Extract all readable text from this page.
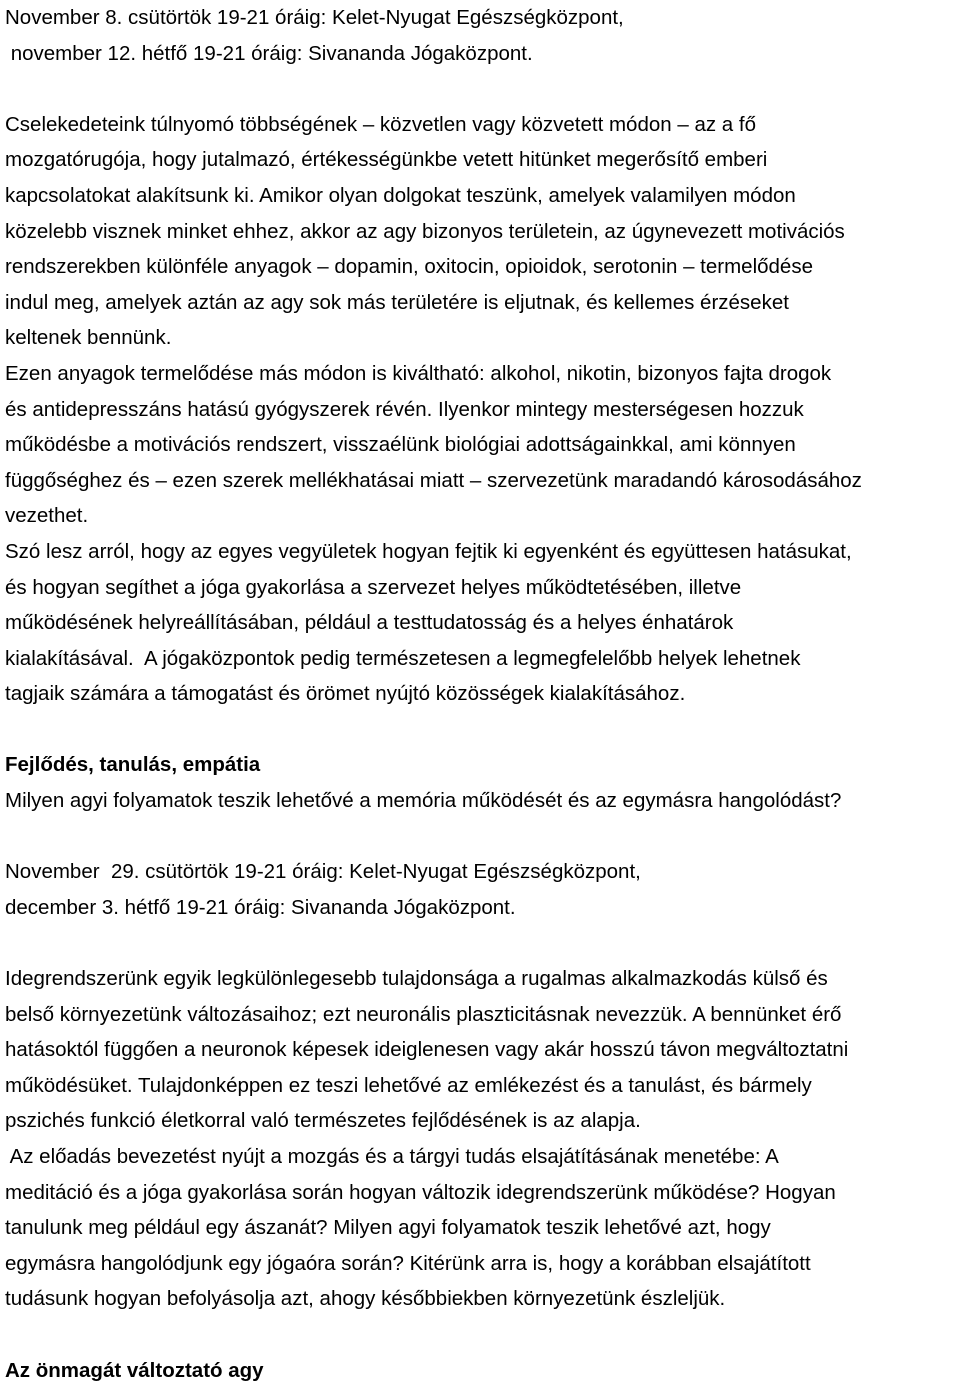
November 8. csütörtök 19-21 óráig: Kelet-Nyugat Egészségközpont,
november 12. hétfő 19-21 óráig: Sivananda Jógaközpont.
Cselekedeteink túlnyomó többségének – közvetlen vagy közvetett módon – az a fő
mozgatórugója, hogy jutalmazó, értékességünkbe vetett hitünket megerősítő emberi
kapcsolatokat alakítsunk ki. Amikor olyan dolgokat teszünk, amelyek valamilyen módon
közelebb visznek minket ehhez, akkor az agy bizonyos területein, az úgynevezett motivációs
rendszerekben különféle anyagok – dopamin, oxitocin, opioidok, serotonin – termelődése
indul meg, amelyek aztán az agy sok más területére is eljutnak, és kellemes érzéseket
keltenek bennünk.
Ezen anyagok termelődése más módon is kiváltható: alkohol, nikotin, bizonyos fajta drogok
és antidepresszáns hatású gyógyszerek révén. Ilyenkor mintegy mesterségesen hozzuk
működésbe a motivációs rendszert, visszaélünk biológiai adottságainkkal, ami könnyen
függőséghez és – ezen szerek mellékhatásai miatt – szervezetünk maradandó károsodásához
vezethet.
Szó lesz arról, hogy az egyes vegyületek hogyan fejtik ki egyenként és együttesen hatásukat,
és hogyan segíthet a jóga gyakorlása a szervezet helyes működtetésében, illetve
működésének helyreállításában, például a testtudatosság és a helyes énhatárok
kialakításával.  A jógaközpontok pedig természetesen a legmegfelelőbb helyek lehetnek
tagjaik számára a támogatást és örömet nyújtó közösségek kialakításához.
Fejlődés, tanulás, empátia
Milyen agyi folyamatok teszik lehetővé a memória működését és az egymásra hangolódást?
November  29. csütörtök 19-21 óráig: Kelet-Nyugat Egészségközpont,
december 3. hétfő 19-21 óráig: Sivananda Jógaközpont.
Idegrendszerünk egyik legkülönlegesebb tulajdonsága a rugalmas alkalmazkodás külső és
belső környezetünk változásaihoz; ezt neuronális plaszticitásnak nevezzük. A bennünket érő
hatásoktól függően a neuronok képesek ideiglenesen vagy akár hosszú távon megváltoztatni
működésüket. Tulajdonképpen ez teszi lehetővé az emlékezést és a tanulást, és bármely
pszichés funkció életkorral való természetes fejlődésének is az alapja.
Az előadás bevezetést nyújt a mozgás és a tárgyi tudás elsajátításának menetébe: A
meditáció és a jóga gyakorlása során hogyan változik idegrendszerünk működése? Hogyan
tanulunk meg például egy ászanát? Milyen agyi folyamatok teszik lehetővé azt, hogy
egymásra hangolódjunk egy jógaóra során? Kitérünk arra is, hogy a korábban elsajátított
tudásunk hogyan befolyásolja azt, ahogy későbbiekben környezetünk észleljük.
Az önmagát változtató agy
